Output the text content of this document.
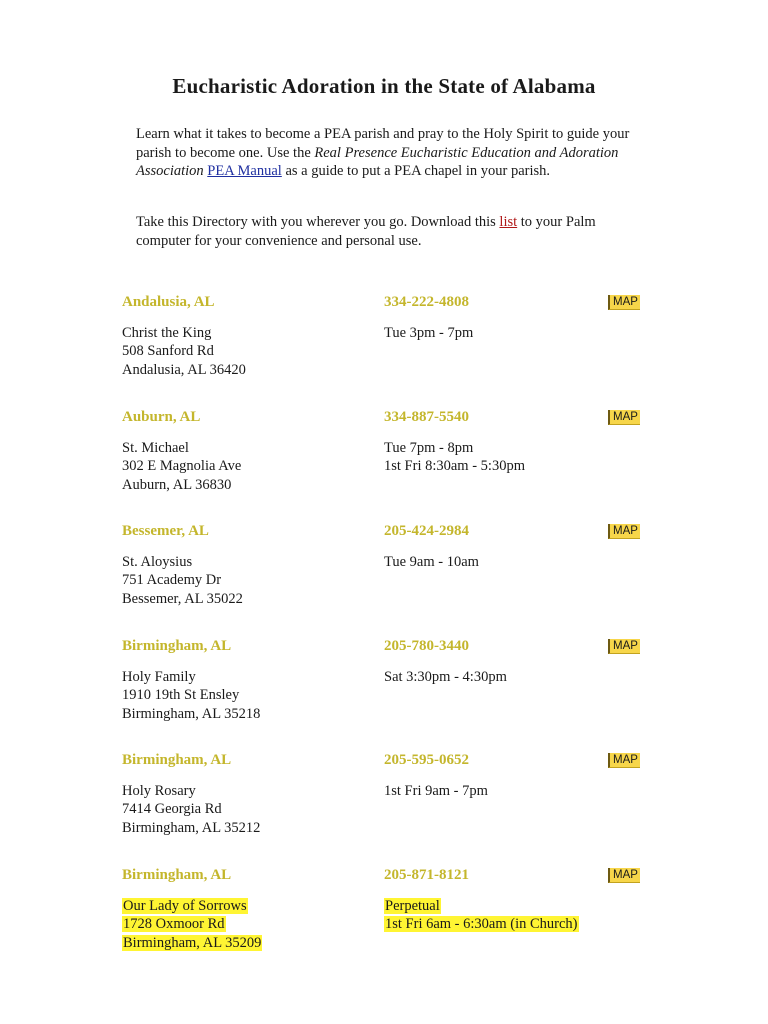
Eucharistic Adoration in the State of Alabama

Learn what it takes to become a PEA parish and pray to the Holy Spirit to guide your parish to become one. Use the Real Presence Eucharistic Education and Adoration Association PEA Manual as a guide to put a PEA chapel in your parish.

Take this Directory with you wherever you go. Download this list to your Palm computer for your convenience and personal use.

Andalusia, AL	334-222-4808	MAP
Christ the King
508 Sanford Rd
Andalusia, AL 36420
Tue 3pm - 7pm
Auburn, AL	334-887-5540	MAP
St. Michael
302 E Magnolia Ave
Auburn, AL 36830
Tue 7pm - 8pm
1st Fri 8:30am - 5:30pm
Bessemer, AL	205-424-2984	MAP
St. Aloysius
751 Academy Dr
Bessemer, AL 35022
Tue 9am - 10am
Birmingham, AL	205-780-3440	MAP
Holy Family
1910 19th St Ensley
Birmingham, AL 35218
Sat 3:30pm - 4:30pm
Birmingham, AL	205-595-0652	MAP
Holy Rosary
7414 Georgia Rd
Birmingham, AL 35212
1st Fri 9am - 7pm
Birmingham, AL	205-871-8121	MAP
Our Lady of Sorrows
1728 Oxmoor Rd
Birmingham, AL 35209
Perpetual
1st Fri 6am - 6:30am (in Church)
